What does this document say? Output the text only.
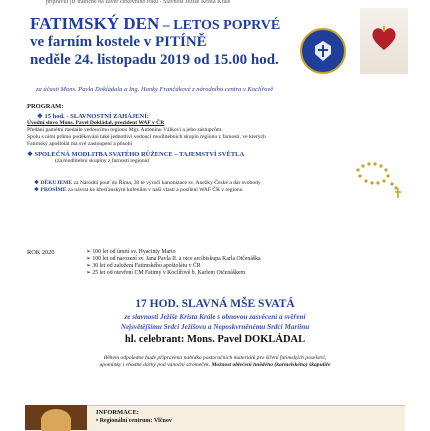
připravili již tradičně na závěr církevního roku - Slavnost Ježíše Krista Krále
FATIMSKÝ DEN – LETOS POPRVÉ
ve farním kostele v PITÍNĚ
neděle 24. listopadu 2019 od 15.00 hod.
za účasti Mons. Pavla Dokládala a Ing. Hanky Frančákové z národního centra v Koclířově
PROGRAM:
❖ 15 hod. - SLAVNOSTNÍ ZAHÁJENÍ:
Úvodní slovo Mons. Pavel Dokládal, prezident WAF v ČR
Předání pamětní medaile vedoucímu regionu Mgr. Antonínu Válkovi a jeho zástupcům.
Spolu s nimi průmo poděkování také jednotliví vedoucí modlitebních skupin regionu z farností, ve kterých
Fatimský apoštolát má své zastoupení a působí
❖ SPOLEČNÁ MODLITBA SVATÉHO RŮŽENCE – TAJEMSTVÍ SVĚTLA
(za modlitební skupiny z farností regionu)
❖ DĚKUJEME za Národní pouť do Říma, 30 té výročí kanonizace sv. Anežky České a dar svobody
❖ PROSÍME za návrat ke křesťanským kořenům v naší vlasti a posílení WAF ČR v regionu
ROK 2020	➢ 100 let od úmrtí sv. Hyacinty Marto
➢ 100 let od narození sv. Jana Pavla II. a otce arcibiskupa Karla Otčenáška
➢ 30 let od založení Fatimského apoštolátu v ČR
➢ 25 let od otevření CM Fatimy v Koclířově b. Karlem Otčenáškem
17 HOD. SLAVNÁ MŠE SVATÁ
ze slavnosti Ježíše Krista Krále s obnovou zasvěcení a svěření
Nejsvětějšímu Srdci Ježíšovu a Neposkvrněnému Srdci Mariinu
hl. celebrant: Mons. Pavel DOKLÁDAL
Během odpoledne bude připravena nabídka pastoračních materiálů pro šíření fatimských poselství,
upomínky i vhodné dárky pod vánoční stromeček. Možnost oblečení hnědého (karmelského) škapulíře
INFORMACE:
• Regionální centrum: Vlčnov
